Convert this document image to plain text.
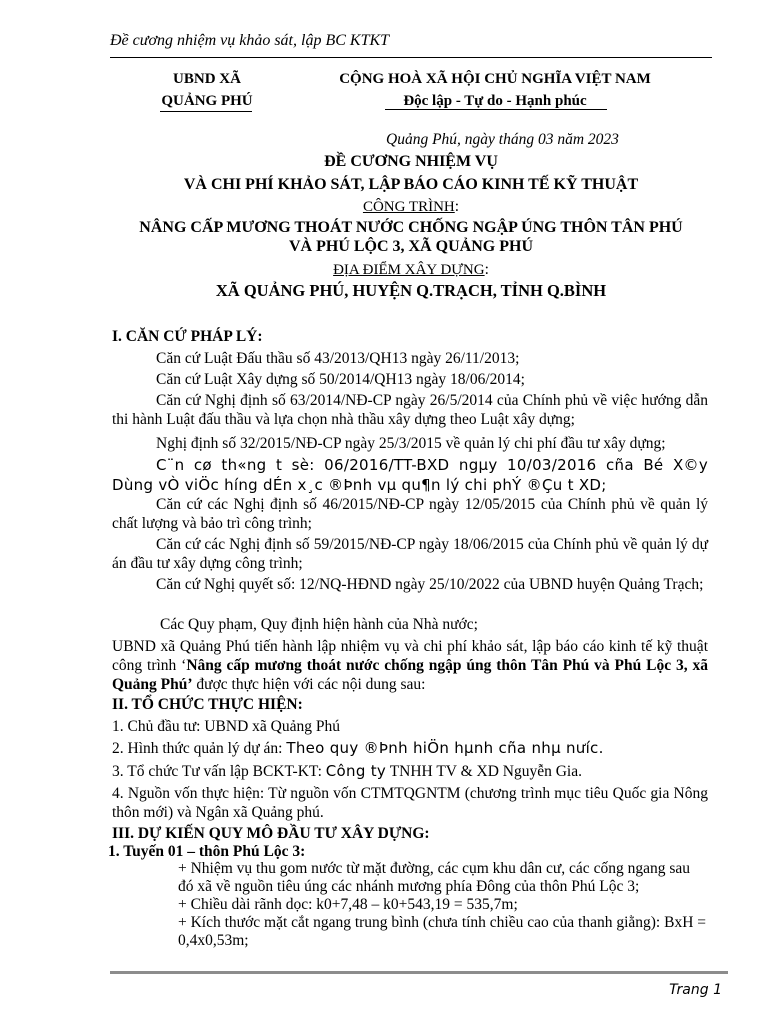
Đề cương nhiệm vụ khảo sát, lập BC KTKT
UBND XÃ
QUẢNG PHÚ
CỘNG HOÀ XÃ HỘI CHỦ NGHĨA VIỆT NAM
Độc lập - Tự do - Hạnh phúc
Quảng Phú, ngày tháng 03 năm 2023
ĐỀ CƯƠNG NHIỆM VỤ
VÀ CHI PHÍ KHẢO SÁT, LẬP BÁO CÁO KINH TẾ KỸ THUẬT
CÔNG TRÌNH:
NÂNG CẤP MƯƠNG THOÁT NƯỚC CHỐNG NGẬP ÚNG THÔN TÂN PHÚ
VÀ PHÚ LỘC 3, XÃ QUẢNG PHÚ
ĐỊA ĐIỂM XÂY DỰNG:
XÃ QUẢNG PHÚ, HUYỆN Q.TRẠCH, TỈNH Q.BÌNH
I. CĂN CỨ PHÁP LÝ:
Căn cứ Luật Đấu thầu số 43/2013/QH13 ngày 26/11/2013;
Căn cứ Luật Xây dựng số 50/2014/QH13 ngày 18/06/2014;
Căn cứ Nghị định số 63/2014/NĐ-CP ngày 26/5/2014 của Chính phủ về việc hướng dẫn thi hành Luật đấu thầu và lựa chọn nhà thầu xây dựng theo Luật xây dựng;
Nghị định số 32/2015/NĐ-CP ngày 25/3/2015 về quản lý chi phí đầu tư xây dựng;
C¨n cø th«ng t sè: 06/2016/TT-BXD ngµy 10/03/2016 cña Bé X©y Dùng vÒ viÖc híng dÉn x¸c ®Þnh vµ qu¶n lý chi phÝ ®Çu t XD;
Căn cứ các Nghị định số 46/2015/NĐ-CP ngày 12/05/2015 của Chính phủ về quản lý chất lượng và bảo trì công trình;
Căn cứ các Nghị định số 59/2015/NĐ-CP ngày 18/06/2015 của Chính phủ về quản lý dự án đầu tư xây dựng công trình;
Căn cứ Nghị quyết số: 12/NQ-HĐND ngày 25/10/2022 của UBND huyện Quảng Trạch;
Các Quy phạm, Quy định hiện hành của Nhà nước;
UBND xã Quảng Phú tiến hành lập nhiệm vụ và chi phí khảo sát, lập báo cáo kinh tế kỹ thuật công trình ‘Nâng cấp mương thoát nước chống ngập úng thôn Tân Phú và Phú Lộc 3, xã Quảng Phú’ được thực hiện với các nội dung sau:
II. TỔ CHỨC THỰC HIỆN:
1. Chủ đầu tư: UBND xã Quảng Phú
2. Hình thức quản lý dự án: Theo quy ®Þnh hiÖn hµnh cña nhµ nưíc.
3. Tổ chức Tư vấn lập BCKT-KT: Công ty TNHH TV & XD Nguyễn Gia.
4. Nguồn vốn thực hiện: Từ nguồn vốn CTMTQGNTM (chương trình mục tiêu Quốc gia Nông thôn mới) và Ngân xã Quảng phú.
III. DỰ KIẾN QUY MÔ ĐẦU TƯ XÂY DỰNG:
1. Tuyến 01 – thôn Phú Lộc 3:
+ Nhiệm vụ thu gom nước từ mặt đường, các cụm khu dân cư, các cống ngang sau đó xã về nguồn tiêu úng các nhánh mương phía Đông của thôn Phú Lộc 3;
+ Chiều dài rãnh dọc: k0+7,48 – k0+543,19 = 535,7m;
+ Kích thước mặt cắt ngang trung bình (chưa tính chiều cao của thanh giằng): BxH = 0,4x0,53m;
Trang 1
